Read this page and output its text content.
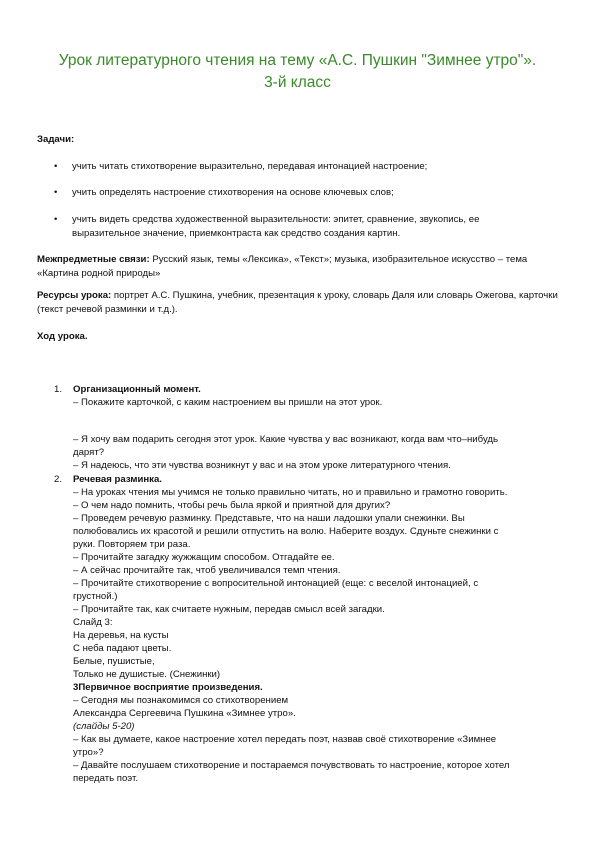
Урок литературного чтения на тему «А.С. Пушкин "Зимнее утро"».
3-й класс
Задачи:
• учить читать стихотворение выразительно, передавая интонацией настроение;
• учить определять настроение стихотворения на основе ключевых слов;
• учить видеть средства художественной выразительности: эпитет, сравнение, звукопись, ее выразительное значение, приемконтраста как средство создания картин.
Межпредметные связи: Русский язык, темы «Лексика», «Текст»; музыка, изобразительное искусство – тема «Картина родной природы»
Ресурсы урока: портрет А.С. Пушкина, учебник, презентация к уроку, словарь Даля или словарь Ожегова, карточки (текст речевой разминки и т.д.).
Ход урока.
1. Организационный момент.
– Покажите карточкой, с каким настроением вы пришли на этот урок.
– Я хочу вам подарить сегодня этот урок. Какие чувства у вас возникают, когда вам что–нибудь
дарят?
– Я надеюсь, что эти чувства возникнут у вас и на этом уроке литературного чтения.
2. Речевая разминка.
– На уроках чтения мы учимся не только правильно читать, но и правильно и грамотно говорить.
– О чем надо помнить, чтобы речь была яркой и приятной для других?
– Проведем речевую разминку. Представьте, что на наши ладошки упали снежинки. Вы
полюбовались их красотой и решили отпустить на волю. Наберите воздух. Сдуньте снежинки с
руки. Повторяем три раза.
– Прочитайте загадку жужжащим способом. Отгадайте ее.
– А сейчас прочитайте так, чтоб увеличивался темп чтения.
– Прочитайте стихотворение с вопросительной интонацией (еще: с веселой интонацией, с
грустной.)
– Прочитайте так, как считаете нужным, передав смысл всей загадки.
Слайд 3:
На деревья, на кусты
С неба падают цветы.
Белые, пушистые,
Только не душистые. (Снежинки)
3Первичное восприятие произведения.
– Сегодня мы познакомимся со стихотворением
Александра Сергеевича Пушкина «Зимнее утро».
(слайды 5-20)
– Как вы думаете, какое настроение хотел передать поэт, назвав своё стихотворение «Зимнее
утро»?
– Давайте послушаем стихотворение и постараемся почувствовать то настроение, которое хотел
передать поэт.
